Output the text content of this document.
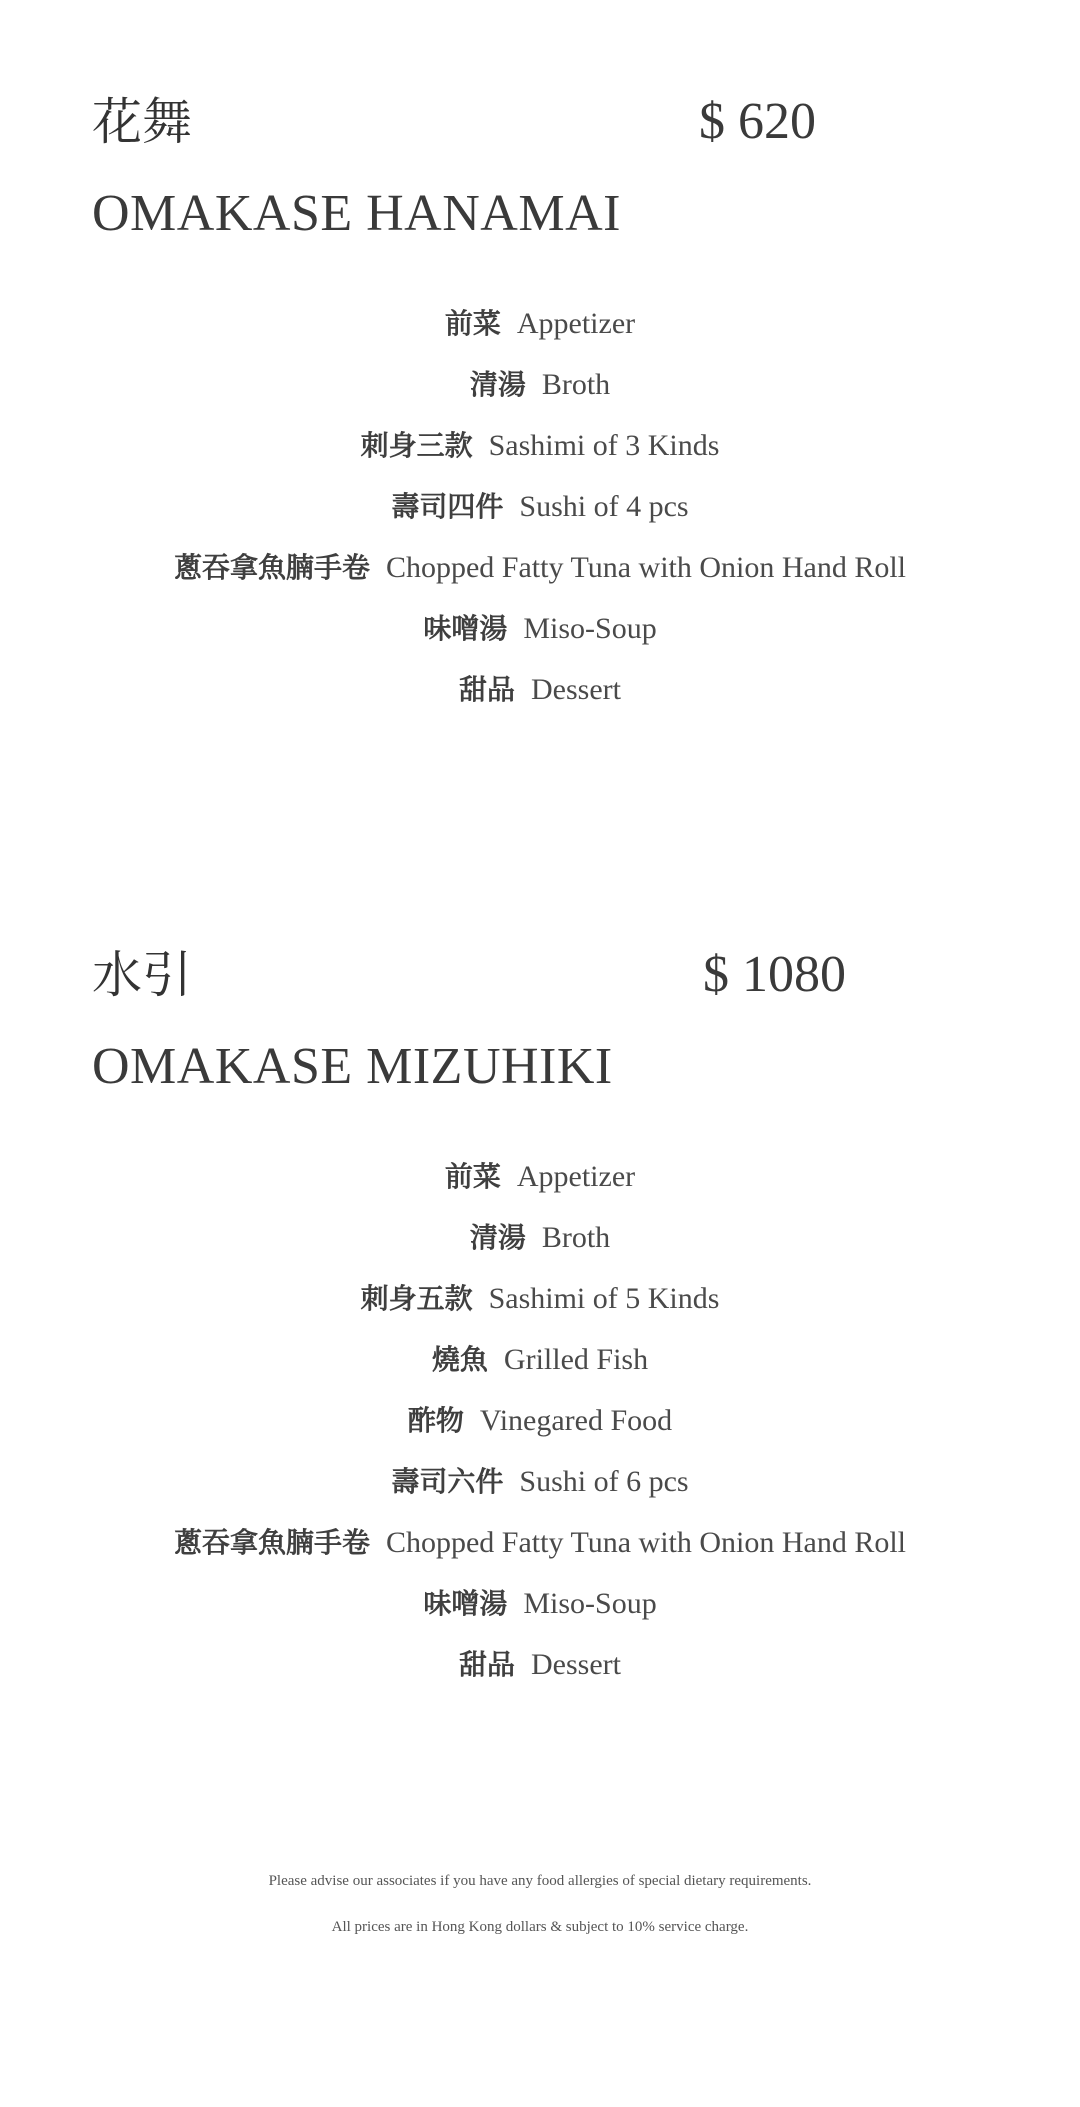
花舞	$ 620
OMAKASE HANAMAI
前菜 Appetizer
清湯 Broth
刺身三款 Sashimi of 3 Kinds
壽司四件 Sushi of 4 pcs
蔥吞拿魚腩手卷 Chopped Fatty Tuna with Onion Hand Roll
味噌湯 Miso-Soup
甜品 Dessert
水引	$ 1080
OMAKASE MIZUHIKI
前菜 Appetizer
清湯 Broth
刺身五款 Sashimi of 5 Kinds
燒魚 Grilled Fish
酢物 Vinegared Food
壽司六件 Sushi of 6 pcs
蔥吞拿魚腩手卷 Chopped Fatty Tuna with Onion Hand Roll
味噌湯 Miso-Soup
甜品 Dessert

Please advise our associates if you have any food allergies of special dietary requirements.

All prices are in Hong Kong dollars & subject to 10% service charge.
